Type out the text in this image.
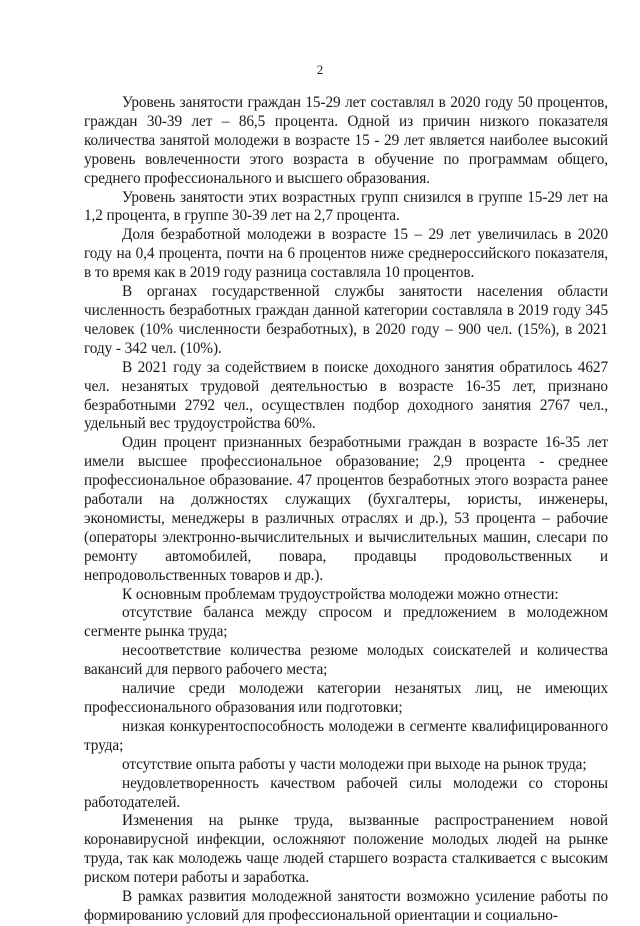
2

Уровень занятости граждан 15-29 лет составлял в 2020 году 50 процентов, граждан 30-39 лет – 86,5 процента. Одной из причин низкого показателя количества занятой молодежи в возрасте 15 - 29 лет является наиболее высокий уровень вовлеченности этого возраста в обучение по программам общего, среднего профессионального и высшего образования.

Уровень занятости этих возрастных групп снизился в группе 15-29 лет на 1,2 процента, в группе 30-39 лет на 2,7 процента.

Доля безработной молодежи в возрасте 15 – 29 лет увеличилась в 2020 году на 0,4 процента, почти на 6 процентов ниже среднероссийского показателя, в то время как в 2019 году разница составляла 10 процентов.

В органах государственной службы занятости населения области численность безработных граждан данной категории составляла в 2019 году 345 человек (10% численности безработных), в 2020 году – 900 чел. (15%), в 2021 году - 342 чел. (10%).

В 2021 году за содействием в поиске доходного занятия обратилось 4627 чел. незанятых трудовой деятельностью в возрасте 16-35 лет, признано безработными 2792 чел., осуществлен подбор доходного занятия 2767 чел., удельный вес трудоустройства 60%.

Один процент признанных безработными граждан в возрасте 16-35 лет имели высшее профессиональное образование; 2,9 процента - среднее профессиональное образование. 47 процентов безработных этого возраста ранее работали на должностях служащих (бухгалтеры, юристы, инженеры, экономисты, менеджеры в различных отраслях и др.), 53 процента – рабочие (операторы электронно-вычислительных и вычислительных машин, слесари по ремонту автомобилей, повара, продавцы продовольственных и непродовольственных товаров и др.).

К основным проблемам трудоустройства молодежи можно отнести:

отсутствие баланса между спросом и предложением в молодежном сегменте рынка труда;

несоответствие количества резюме молодых соискателей и количества вакансий для первого рабочего места;

наличие среди молодежи категории незанятых лиц, не имеющих профессионального образования или подготовки;

низкая конкурентоспособность молодежи в сегменте квалифицированного труда;

отсутствие опыта работы у части молодежи при выходе на рынок труда;

неудовлетворенность качеством рабочей силы молодежи со стороны работодателей.

Изменения на рынке труда, вызванные распространением новой коронавирусной инфекции, осложняют положение молодых людей на рынке труда, так как молодежь чаще людей старшего возраста сталкивается с высоким риском потери работы и заработка.

В рамках развития молодежной занятости возможно усиление работы по формированию условий для профессиональной ориентации и социально-
